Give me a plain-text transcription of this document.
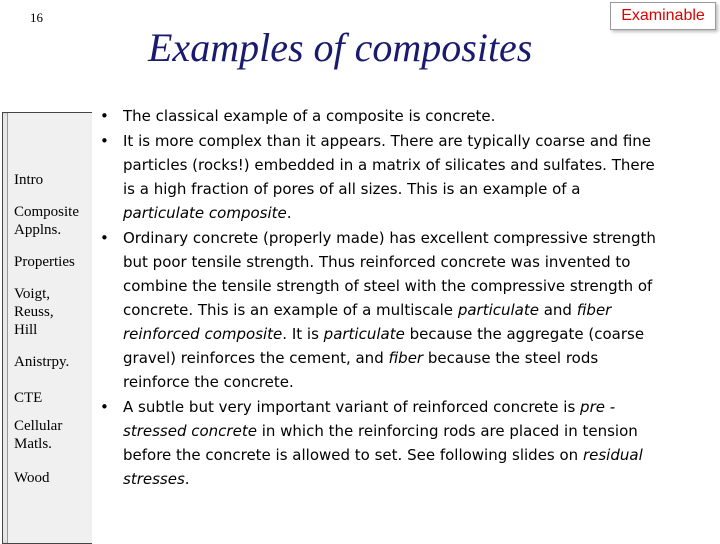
16	Examinable
Examples of composites
Intro
Composite
Applns.
Properties
Voigt,
Reuss,
Hill
Anistrpy.
CTE
Cellular
Matls.
Wood
• The classical example of a composite is concrete.
• It is more complex than it appears. There are typically coarse and fine particles (rocks!) embedded in a matrix of silicates and sulfates. There is a high fraction of pores of all sizes. This is an example of a particulate composite.
• Ordinary concrete (properly made) has excellent compressive strength but poor tensile strength. Thus reinforced concrete was invented to combine the tensile strength of steel with the compressive strength of concrete. This is an example of a multiscale particulate and fiber reinforced composite. It is particulate because the aggregate (coarse gravel) reinforces the cement, and fiber because the steel rods reinforce the concrete.
• A subtle but very important variant of reinforced concrete is pre -stressed concrete in which the reinforcing rods are placed in tension before the concrete is allowed to set. See following slides on residual stresses.
